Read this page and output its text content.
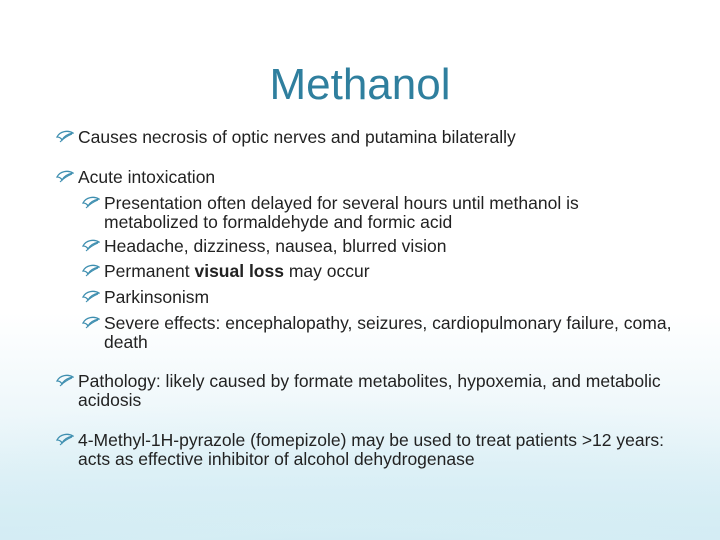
Methanol
Causes necrosis of optic nerves and putamina bilaterally
Acute intoxication
Presentation often delayed for several hours until methanol is metabolized to formaldehyde and formic acid
Headache, dizziness, nausea, blurred vision
Permanent visual loss may occur
Parkinsonism
Severe effects: encephalopathy, seizures, cardiopulmonary failure, coma, death
Pathology: likely caused by formate metabolites, hypoxemia, and metabolic acidosis
4-Methyl-1H-pyrazole (fomepizole) may be used to treat patients >12 years: acts as effective inhibitor of alcohol dehydrogenase
